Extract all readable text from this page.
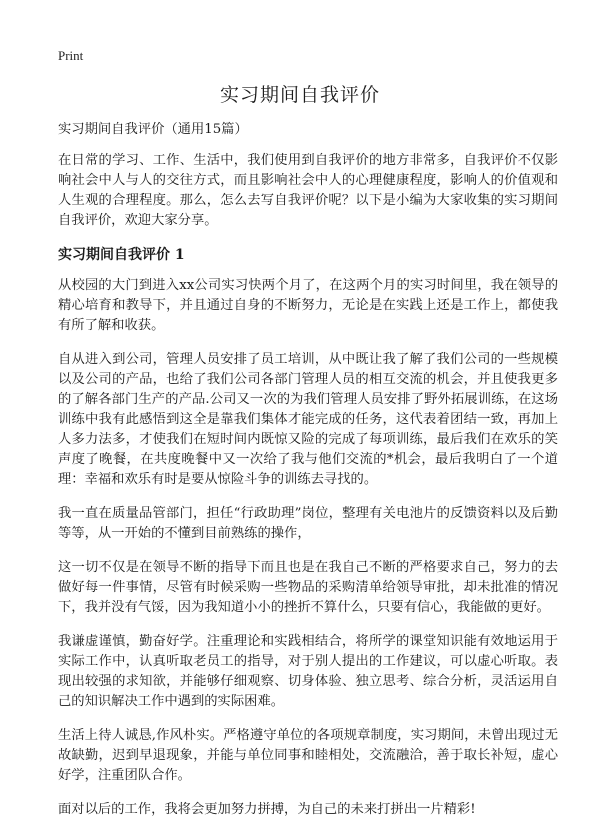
Print
实习期间自我评价

实习期间自我评价（通用15篇）

在日常的学习、工作、生活中，我们使用到自我评价的地方非常多，自我评价不仅影响社会中人与人的交往方式，而且影响社会中人的心理健康程度，影响人的价值观和人生观的合理程度。那么，怎么去写自我评价呢？以下是小编为大家收集的实习期间自我评价，欢迎大家分享。

实习期间自我评价 1

从校园的大门到进入xx公司实习快两个月了，在这两个月的实习时间里，我在领导的精心培育和教导下，并且通过自身的不断努力，无论是在实践上还是工作上，都使我有所了解和收获。

自从进入到公司，管理人员安排了员工培训，从中既让我了解了我们公司的一些规模以及公司的产品，也给了我们公司各部门管理人员的相互交流的机会，并且使我更多的了解各部门生产的产品.公司又一次的为我们管理人员安排了野外拓展训练，在这场训练中我有此感悟到这全是靠我们集体才能完成的任务，这代表着团结一致，再加上人多力法多，才使我们在短时间内既惊又险的完成了每项训练，最后我们在欢乐的笑声度了晚餐，在共度晚餐中又一次给了我与他们交流的*机会，最后我明白了一个道理：幸福和欢乐有时是要从惊险斗争的训练去寻找的。

我一直在质量品管部门，担任“行政助理”岗位，整理有关电池片的反馈资料以及后勤等等，从一开始的不懂到目前熟练的操作，

这一切不仅是在领导不断的指导下而且也是在我自己不断的严格要求自己，努力的去做好每一件事情，尽管有时候采购一些物品的采购清单给领导审批，却未批准的情况下，我并没有气馁，因为我知道小小的挫折不算什么，只要有信心，我能做的更好。

我谦虚谨慎，勤奋好学。注重理论和实践相结合，将所学的课堂知识能有效地运用于实际工作中，认真听取老员工的指导，对于别人提出的工作建议，可以虚心听取。表现出较强的求知欲，并能够仔细观察、切身体验、独立思考、综合分析，灵活运用自己的知识解决工作中遇到的实际困难。

生活上待人诚恳,作风朴实。严格遵守单位的各项规章制度，实习期间，未曾出现过无故缺勤，迟到早退现象，并能与单位同事和睦相处，交流融洽，善于取长补短，虚心好学，注重团队合作。

面对以后的工作，我将会更加努力拼搏，为自己的未来打拼出一片精彩!
